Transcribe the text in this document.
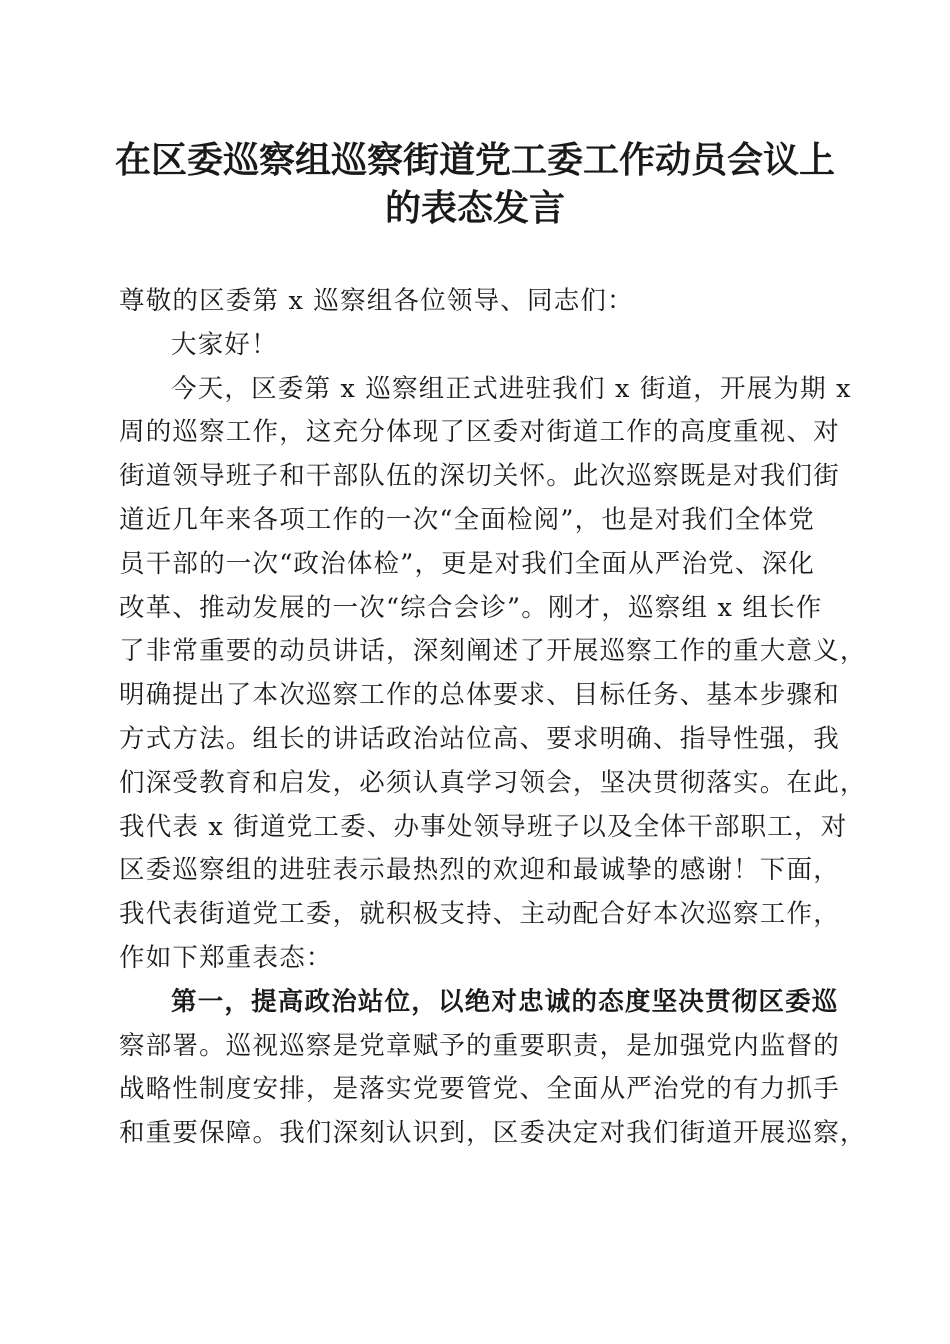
在区委巡察组巡察街道党工委工作动员会议上
的表态发言
尊敬的区委第 x 巡察组各位领导、同志们：
大家好！
今天，区委第 x 巡察组正式进驻我们 x 街道，开展为期 x
周的巡察工作，这充分体现了区委对街道工作的高度重视、对
街道领导班子和干部队伍的深切关怀。此次巡察既是对我们街
道近几年来各项工作的一次“全面检阅”，也是对我们全体党
员干部的一次“政治体检”，更是对我们全面从严治党、深化
改革、推动发展的一次“综合会诊”。刚才，巡察组 x 组长作
了非常重要的动员讲话，深刻阐述了开展巡察工作的重大意义，
明确提出了本次巡察工作的总体要求、目标任务、基本步骤和
方式方法。组长的讲话政治站位高、要求明确、指导性强，我
们深受教育和启发，必须认真学习领会，坚决贯彻落实。在此，
我代表 x 街道党工委、办事处领导班子以及全体干部职工，对
区委巡察组的进驻表示最热烈的欢迎和最诚挚的感谢！下面，
我代表街道党工委，就积极支持、主动配合好本次巡察工作，
作如下郑重表态：
第一，提高政治站位，以绝对忠诚的态度坚决贯彻区委巡
察部署。巡视巡察是党章赋予的重要职责，是加强党内监督的
战略性制度安排，是落实党要管党、全面从严治党的有力抓手
和重要保障。我们深刻认识到，区委决定对我们街道开展巡察，
